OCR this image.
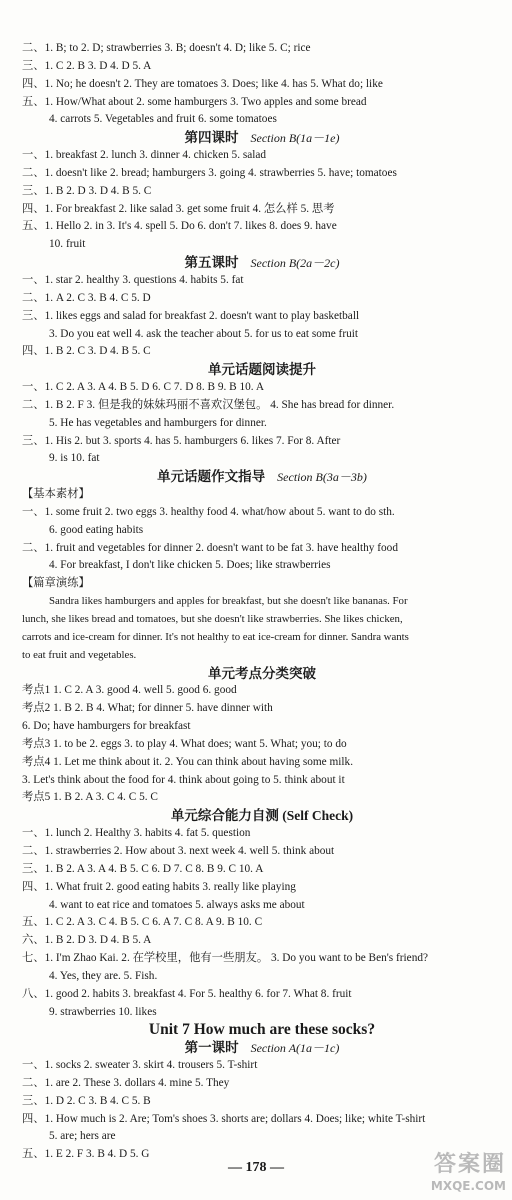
二、1. B; to 2. D; strawberries 3. B; doesn't 4. D; like 5. C; rice
三、1. C 2. B 3. D 4. D 5. A
四、1. No; he doesn't 2. They are tomatoes 3. Does; like 4. has 5. What do; like
五、1. How/What about 2. some hamburgers 3. Two apples and some bread
4. carrots 5. Vegetables and fruit 6. some tomatoes
第四课时 Section B(1a－1e)
一、1. breakfast 2. lunch 3. dinner 4. chicken 5. salad
二、1. doesn't like 2. bread; hamburgers 3. going 4. strawberries 5. have; tomatoes
三、1. B 2. D 3. D 4. B 5. C
四、1. For breakfast 2. like salad 3. get some fruit 4. 怎么样 5. 思考
五、1. Hello 2. in 3. It's 4. spell 5. Do 6. don't 7. likes 8. does 9. have
10. fruit
第五课时 Section B(2a－2c)
一、1. star 2. healthy 3. questions 4. habits 5. fat
二、1. A 2. C 3. B 4. C 5. D
三、1. likes eggs and salad for breakfast 2. doesn't want to play basketball
3. Do you eat well 4. ask the teacher about 5. for us to eat some fruit
四、1. B 2. C 3. D 4. B 5. C
单元话题阅读提升
一、1. C 2. A 3. A 4. B 5. D 6. C 7. D 8. B 9. B 10. A
二、1. B 2. F 3. 但是我的妹妹玛丽不喜欢汉堡包。 4. She has bread for dinner.
5. He has vegetables and hamburgers for dinner.
三、1. His 2. but 3. sports 4. has 5. hamburgers 6. likes 7. For 8. After
9. is 10. fat
单元话题作文指导 Section B(3a－3b)
【基本素材】
一、1. some fruit 2. two eggs 3. healthy food 4. what/how about 5. want to do sth.
6. good eating habits
二、1. fruit and vegetables for dinner 2. doesn't want to be fat 3. have healthy food
4. For breakfast, I don't like chicken 5. Does; like strawberries
【篇章演练】
Sandra likes hamburgers and apples for breakfast, but she doesn't like bananas. For
lunch, she likes bread and tomatoes, but she doesn't like strawberries. She likes chicken,
carrots and ice-cream for dinner. It's not healthy to eat ice-cream for dinner. Sandra wants
to eat fruit and vegetables.
单元考点分类突破
考点1 1. C 2. A 3. good 4. well 5. good 6. good
考点2 1. B 2. B 4. What; for dinner 5. have dinner with
6. Do; have hamburgers for breakfast
考点3 1. to be 2. eggs 3. to play 4. What does; want 5. What; you; to do
考点4 1. Let me think about it. 2. You can think about having some milk.
3. Let's think about the food for 4. think about going to 5. think about it
考点5 1. B 2. A 3. C 4. C 5. C
单元综合能力自测 (Self Check)
一、1. lunch 2. Healthy 3. habits 4. fat 5. question
二、1. strawberries 2. How about 3. next week 4. well 5. think about
三、1. B 2. A 3. A 4. B 5. C 6. D 7. C 8. B 9. C 10. A
四、1. What fruit 2. good eating habits 3. really like playing
4. want to eat rice and tomatoes 5. always asks me about
五、1. C 2. A 3. C 4. B 5. C 6. A 7. C 8. A 9. B 10. C
六、1. B 2. D 3. D 4. B 5. A
七、1. I'm Zhao Kai. 2. 在学校里，他有一些朋友。 3. Do you want to be Ben's friend?
4. Yes, they are. 5. Fish.
八、1. good 2. habits 3. breakfast 4. For 5. healthy 6. for 7. What 8. fruit
9. strawberries 10. likes
Unit 7 How much are these socks?
第一课时 Section A(1a－1c)
一、1. socks 2. sweater 3. skirt 4. trousers 5. T-shirt
二、1. are 2. These 3. dollars 4. mine 5. They
三、1. D 2. C 3. B 4. C 5. B
四、1. How much is 2. Are; Tom's shoes 3. shorts are; dollars 4. Does; like; white T-shirt
5. are; hers are
五、1. E 2. F 3. B 4. D 5. G
— 178 —	答案圈
MXQE.COM
